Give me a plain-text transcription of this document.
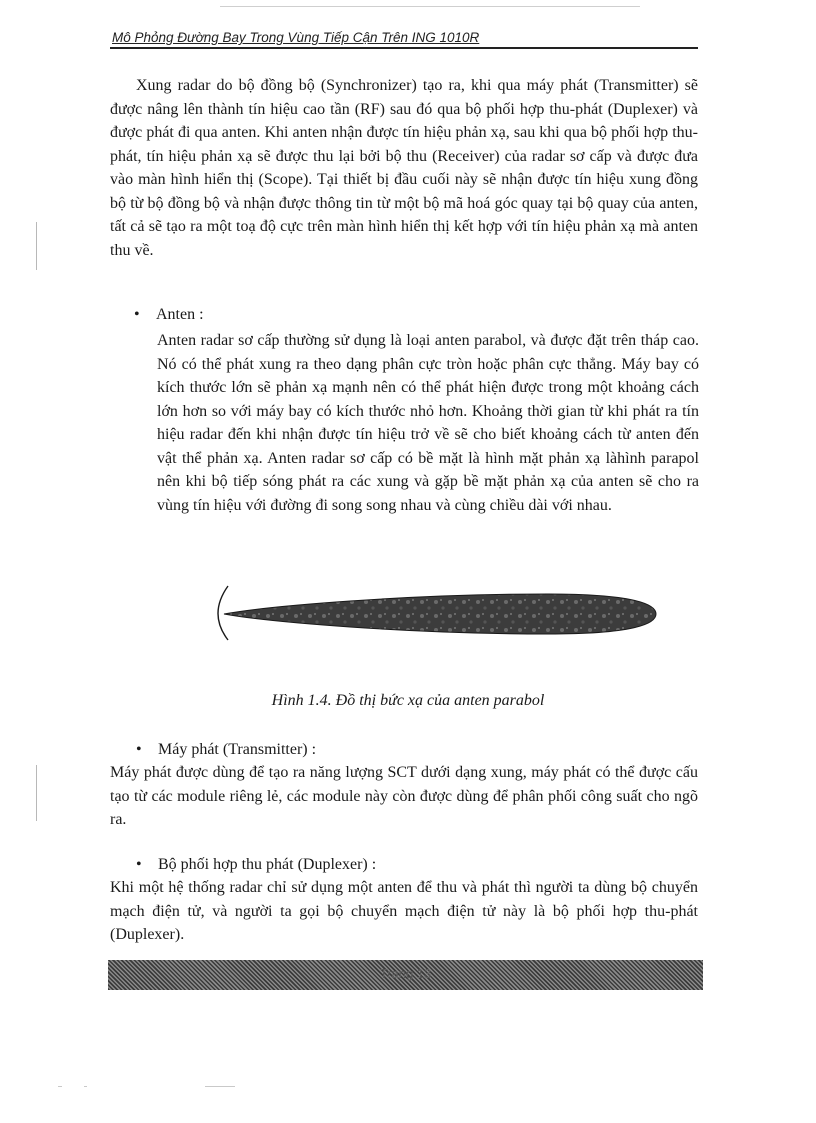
Mô Phỏng Đường Bay Trong Vùng Tiếp Cận Trên ING 1010R
Xung radar do bộ đồng bộ (Synchronizer) tạo ra, khi qua máy phát (Transmitter) sẽ được nâng lên thành tín hiệu cao tần (RF) sau đó qua bộ phối hợp thu-phát (Duplexer) và được phát đi qua anten. Khi anten nhận được tín hiệu phản xạ, sau khi qua bộ phối hợp thu-phát, tín hiệu phản xạ sẽ được thu lại bởi bộ thu (Receiver) của radar sơ cấp và được đưa vào màn hình hiển thị (Scope). Tại thiết bị đầu cuối này sẽ nhận được tín hiệu xung đồng bộ từ bộ đồng bộ và nhận được thông tin từ một bộ mã hoá góc quay tại bộ quay của anten, tất cả sẽ tạo ra một toạ độ cực trên màn hình hiển thị kết hợp với tín hiệu phản xạ mà anten thu về.
• Anten :
Anten radar sơ cấp thường sử dụng là loại anten parabol, và được đặt trên tháp cao. Nó có thể phát xung ra theo dạng phân cực tròn hoặc phân cực thẳng. Máy bay có kích thước lớn sẽ phản xạ mạnh nên có thể phát hiện được trong một khoảng cách lớn hơn so với máy bay có kích thước nhỏ hơn. Khoảng thời gian từ khi phát ra tín hiệu radar đến khi nhận được tín hiệu trở về sẽ cho biết khoảng cách từ anten đến vật thể phản xạ. Anten radar sơ cấp có bề mặt là hình mặt phản xạ làhình parapol nên khi bộ tiếp sóng phát ra các xung và gặp bề mặt phản xạ của anten sẽ cho ra vùng tín hiệu với đường đi song song nhau và cùng chiều dài với nhau.
Hình 1.4. Đồ thị bức xạ của anten parabol
• Máy phát (Transmitter) :
Máy phát được dùng để tạo ra năng lượng SCT dưới dạng xung, máy phát có thể được cấu tạo từ các module riêng lẻ, các module này còn được dùng để phân phối công suất cho ngõ ra.
• Bộ phối hợp thu phát (Duplexer) :
Khi một hệ thống radar chỉ sử dụng một anten để thu và phát thì người ta dùng bộ chuyển mạch điện tử, và người ta gọi bộ chuyển mạch điện tử này là bộ phối hợp thu-phát (Duplexer).
Trang 13
